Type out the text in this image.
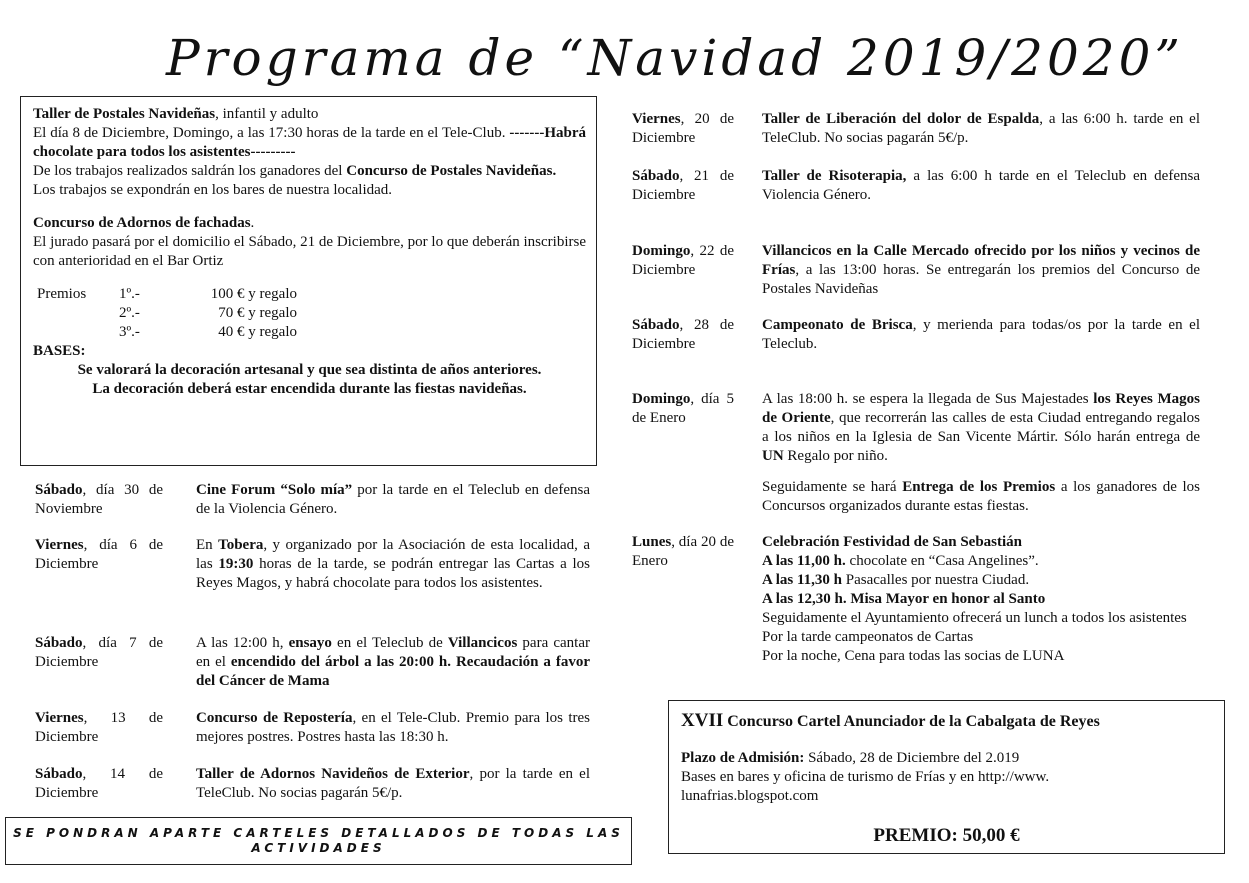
Programa de “Navidad 2019/2020”

Taller de Postales Navideñas, infantil y adulto

El día 8 de Diciembre, Domingo, a las 17:30 horas de la tarde en el Tele-Club. -------Habrá chocolate para todos los asistentes---------

De los trabajos realizados saldrán los ganadores del Concurso de Postales Navideñas.

Los trabajos se expondrán en los bares de nuestra localidad.

Concurso de Adornos de fachadas.

El jurado pasará por el domicilio el Sábado, 21 de Diciembre, por lo que deberán inscribirse con anterioridad en el Bar Ortiz

Premios	1º.-	100 € y regalo
2º.-	70 € y regalo
3º.-	40 € y regalo

BASES:

Se valorará la decoración artesanal y que sea distinta de años anteriores.

La decoración deberá estar encendida durante las fiestas navideñas.

Sábado, día 30 de Noviembre
Cine Forum “Solo mía” por la tarde en el Teleclub en defensa de la Violencia Género.
Viernes, día 6 de Diciembre
En Tobera, y organizado por la Asociación de esta localidad, a las 19:30 horas de la tarde, se podrán entregar las Cartas a los Reyes Magos, y habrá chocolate para todos los asistentes.
Sábado, día 7 de Diciembre
A las 12:00 h, ensayo en el Teleclub de Villancicos para cantar en el encendido del árbol a las 20:00 h. Recaudación a favor del Cáncer de Mama
Viernes, 13 de Diciembre
Concurso de Repostería, en el Tele-Club. Premio para los tres mejores postres. Postres hasta las 18:30 h.
Sábado, 14 de Diciembre
Taller de Adornos Navideños de Exterior, por la tarde en el TeleClub. No socias pagarán 5€/p.
SE PONDRAN APARTE CARTELES DETALLADOS DE TODAS LAS ACTIVIDADES
Viernes, 20 de Diciembre
Taller de Liberación del dolor de Espalda, a las 6:00 h. tarde en el TeleClub. No socias pagarán 5€/p.
Sábado, 21 de Diciembre
Taller de Risoterapia, a las 6:00 h tarde en el Teleclub en defensa Violencia Género.
Domingo, 22 de Diciembre
Villancicos en la Calle Mercado ofrecido por los niños y vecinos de Frías, a las 13:00 horas. Se entregarán los premios del Concurso de Postales Navideñas
Sábado, 28 de Diciembre
Campeonato de Brisca, y merienda para todas/os por la tarde en el Teleclub.
Domingo, día 5 de Enero

A las 18:00 h. se espera la llegada de Sus Majestades los Reyes Magos de Oriente, que recorrerán las calles de esta Ciudad entregando regalos a los niños en la Iglesia de San Vicente Mártir. Sólo harán entrega de UN Regalo por niño.

Seguidamente se hará Entrega de los Premios a los ganadores de los Concursos organizados durante estas fiestas.

Lunes, día 20 de Enero

Celebración Festividad de San Sebastián

A las 11,00 h. chocolate en “Casa Angelines”.

A las 11,30 h Pasacalles por nuestra Ciudad.

A las 12,30 h. Misa Mayor en honor al Santo

Seguidamente el Ayuntamiento ofrecerá un lunch a todos los asistentes

Por la tarde campeonatos de Cartas

Por la noche, Cena para todas las socias de LUNA

XVII Concurso Cartel Anunciador de la Cabalgata de Reyes

Plazo de Admisión: Sábado, 28 de Diciembre del 2.019

Bases en bares y oficina de turismo de Frías y en http://www.

lunafrias.blogspot.com

PREMIO: 50,00 €
